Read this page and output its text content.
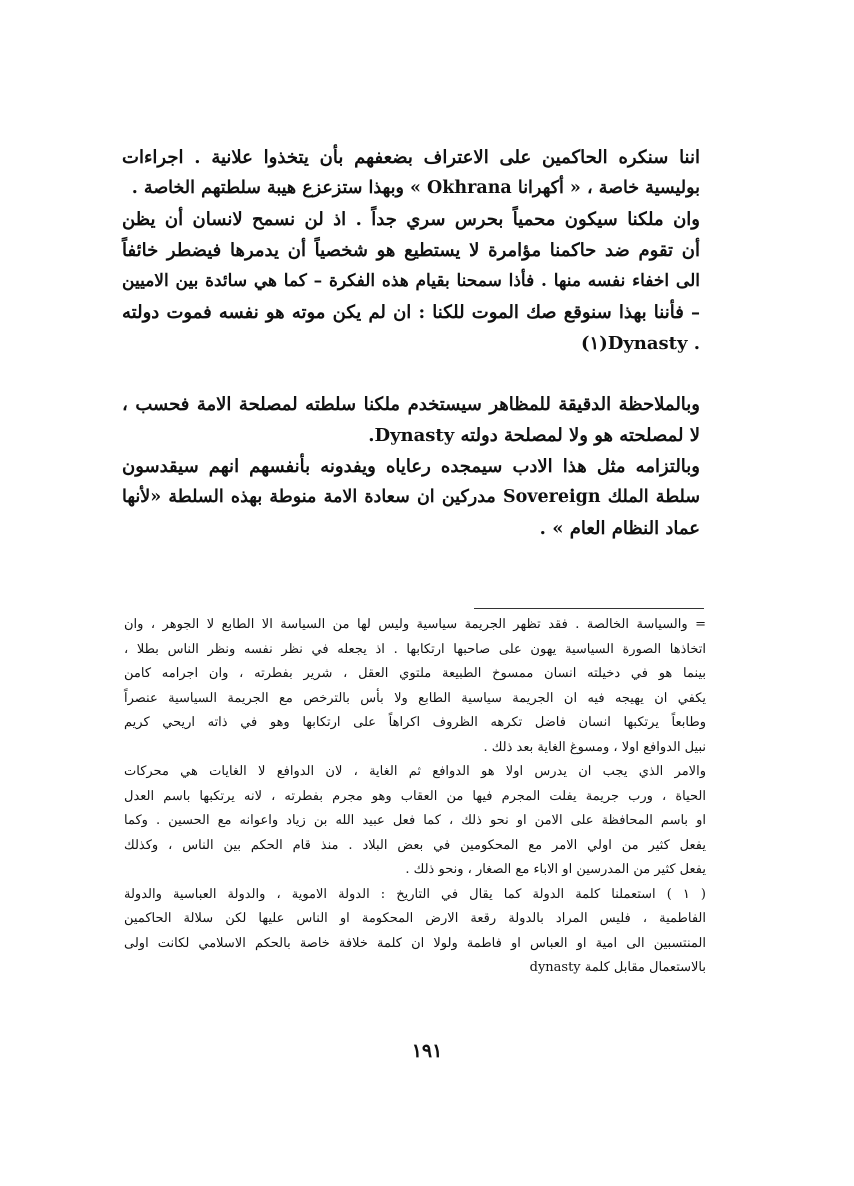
اننا سنكره الحاكمين على الاعتراف بضعفهم بأن يتخذوا علانية . اجراءات
بوليسية خاصة ، « أكهرانا Okhrana » وبهذا ستزعزع هيبة سلطتهم الخاصة .
وان ملكنا سيكون محمياً بحرس سري جداً . اذ لن نسمح لانسان أن يظن
أن تقوم ضد حاكمنا مؤامرة لا يستطيع هو شخصياً أن يدمرها فيضطر خائفاً
الى اخفاء نفسه منها . فأذا سمحنا بقيام هذه الفكرة – كما هي سائدة بين الاميين
– فأننا بهذا سنوقع صك الموت للكنا : ان لم يكن موته هو نفسه فموت دولته
. Dynasty(١)
وبالملاحظة الدقيقة للمظاهر سيستخدم ملكنا سلطته لمصلحة الامة فحسب ،
لا لمصلحته هو ولا لمصلحة دولته Dynasty.
وبالتزامه مثل هذا الادب سيمجده رعاياه ويفدونه بأنفسهم انهم سيقدسون
سلطة الملك Sovereign مدركين ان سعادة الامة منوطة بهذه السلطة «لأنها
عماد النظام العام » .
= والسياسة الخالصة . فقد تظهر الجريمة سياسية وليس لها من السياسة الا الطابع لا الجوهر ، وان
اتخاذها الصورة السياسية يهون على صاحبها ارتكابها . اذ يجعله في نظر نفسه ونظر الناس بطلا ،
بينما هو في دخيلته انسان ممسوخ الطبيعة ملتوي العقل ، شرير بفطرته ، وان اجرامه كامن
يكفي ان يهيجه فيه ان الجريمة سياسية الطابع ولا بأس بالترخص مع الجريمة السياسية عنصراً
وطابعاً يرتكبها انسان فاضل تكرهه الظروف اكراهاً على ارتكابها وهو في ذاته اريحي كريم
نبيل الدوافع اولا ، ومسوغ الغاية بعد ذلك .
والامر الذي يجب ان يدرس اولا هو الدوافع ثم الغاية ، لان الدوافع لا الغايات هي محركات
الحياة ، ورب جريمة يفلت المجرم فيها من العقاب وهو مجرم بفطرته ، لانه يرتكبها باسم العدل
او باسم المحافظة على الامن او نحو ذلك ، كما فعل عبيد الله بن زياد واعوانه مع الحسين . وكما
يفعل كثير من اولي الامر مع المحكومين في بعض البلاد . منذ قام الحكم بين الناس ، وكذلك
يفعل كثير من المدرسين او الاباء مع الصغار ، ونحو ذلك .
( ١ ) استعملنا كلمة الدولة كما يقال في التاريخ : الدولة الاموية ، والدولة العباسية والدولة
الفاطمية ، فليس المراد بالدولة رقعة الارض المحكومة او الناس عليها لكن سلالة الحاكمين
المنتسبين الى امية او العباس او فاطمة ولولا ان كلمة خلافة خاصة بالحكم الاسلامي لكانت اولى
بالاستعمال مقابل كلمة dynasty
١٩١
